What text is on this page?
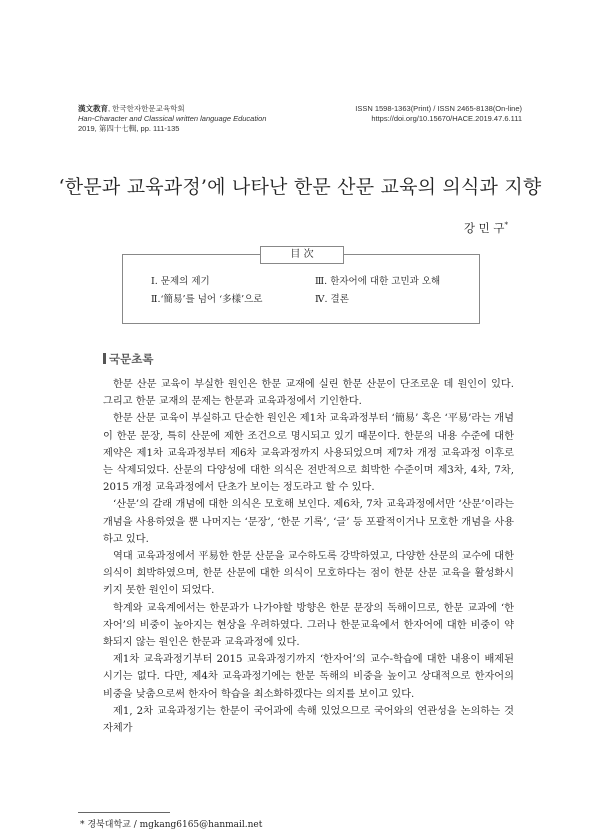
漢文教育, 한국한자한문교육학회
Han-Character and Classical written language Education
2019, 第四十七輯, pp. 111-135
ISSN 1598-1363(Print) / ISSN 2465-8138(On-line)
https://doi.org/10.15670/HACE.2019.47.6.111
‘한문과 교육과정’에 나타난 한문 산문 교육의 의식과 지향
강 민 구*
目 次
Ⅰ. 문제의 제기	Ⅲ. 한자어에 대한 고민과 오해
Ⅱ.‘簡易’를 넘어 ‘多樣’으로	Ⅳ. 결론
국문초록

한문 산문 교육이 부실한 원인은 한문 교재에 실린 한문 산문이 단조로운 데 원인이 있다. 그리고 한문 교재의 문제는 한문과 교육과정에서 기인한다.

한문 산문 교육이 부실하고 단순한 원인은 제1차 교육과정부터 ‘簡易’ 혹은 ‘平易’라는 개념이 한문 문장, 특히 산문에 제한 조건으로 명시되고 있기 때문이다. 한문의 내용 수준에 대한 제약은 제1차 교육과정부터 제6차 교육과정까지 사용되었으며 제7차 개정 교육과정 이후로는 삭제되었다. 산문의 다양성에 대한 의식은 전반적으로 희박한 수준이며 제3차, 4차, 7차, 2015 개정 교육과정에서 단초가 보이는 정도라고 할 수 있다.

‘산문’의 갈래 개념에 대한 의식은 모호해 보인다. 제6차, 7차 교육과정에서만 ‘산문’이라는 개념을 사용하였을 뿐 나머지는 ‘문장’, ‘한문 기록’, ‘글’ 등 포괄적이거나 모호한 개념을 사용하고 있다.

역대 교육과정에서 平易한 한문 산문을 교수하도록 강박하였고, 다양한 산문의 교수에 대한 의식이 희박하였으며, 한문 산문에 대한 의식이 모호하다는 점이 한문 산문 교육을 활성화시키지 못한 원인이 되었다.

학계와 교육계에서는 한문과가 나가야할 방향은 한문 문장의 독해이므로, 한문 교과에 ‘한자어’의 비중이 높아지는 현상을 우려하였다. 그러나 한문교육에서 한자어에 대한 비중이 약화되지 않는 원인은 한문과 교육과정에 있다.

제1차 교육과정기부터 2015 교육과정기까지 ‘한자어’의 교수-학습에 대한 내용이 배제된 시기는 없다. 다만, 제4차 교육과정기에는 한문 독해의 비중을 높이고 상대적으로 한자어의 비중을 낮춤으로써 한자어 학습을 최소화하겠다는 의지를 보이고 있다.

제1, 2차 교육과정기는 한문이 국어과에 속해 있었으므로 국어와의 연관성을 논의하는 것 자체가

* 경북대학교 / mgkang6165@hanmail.net
